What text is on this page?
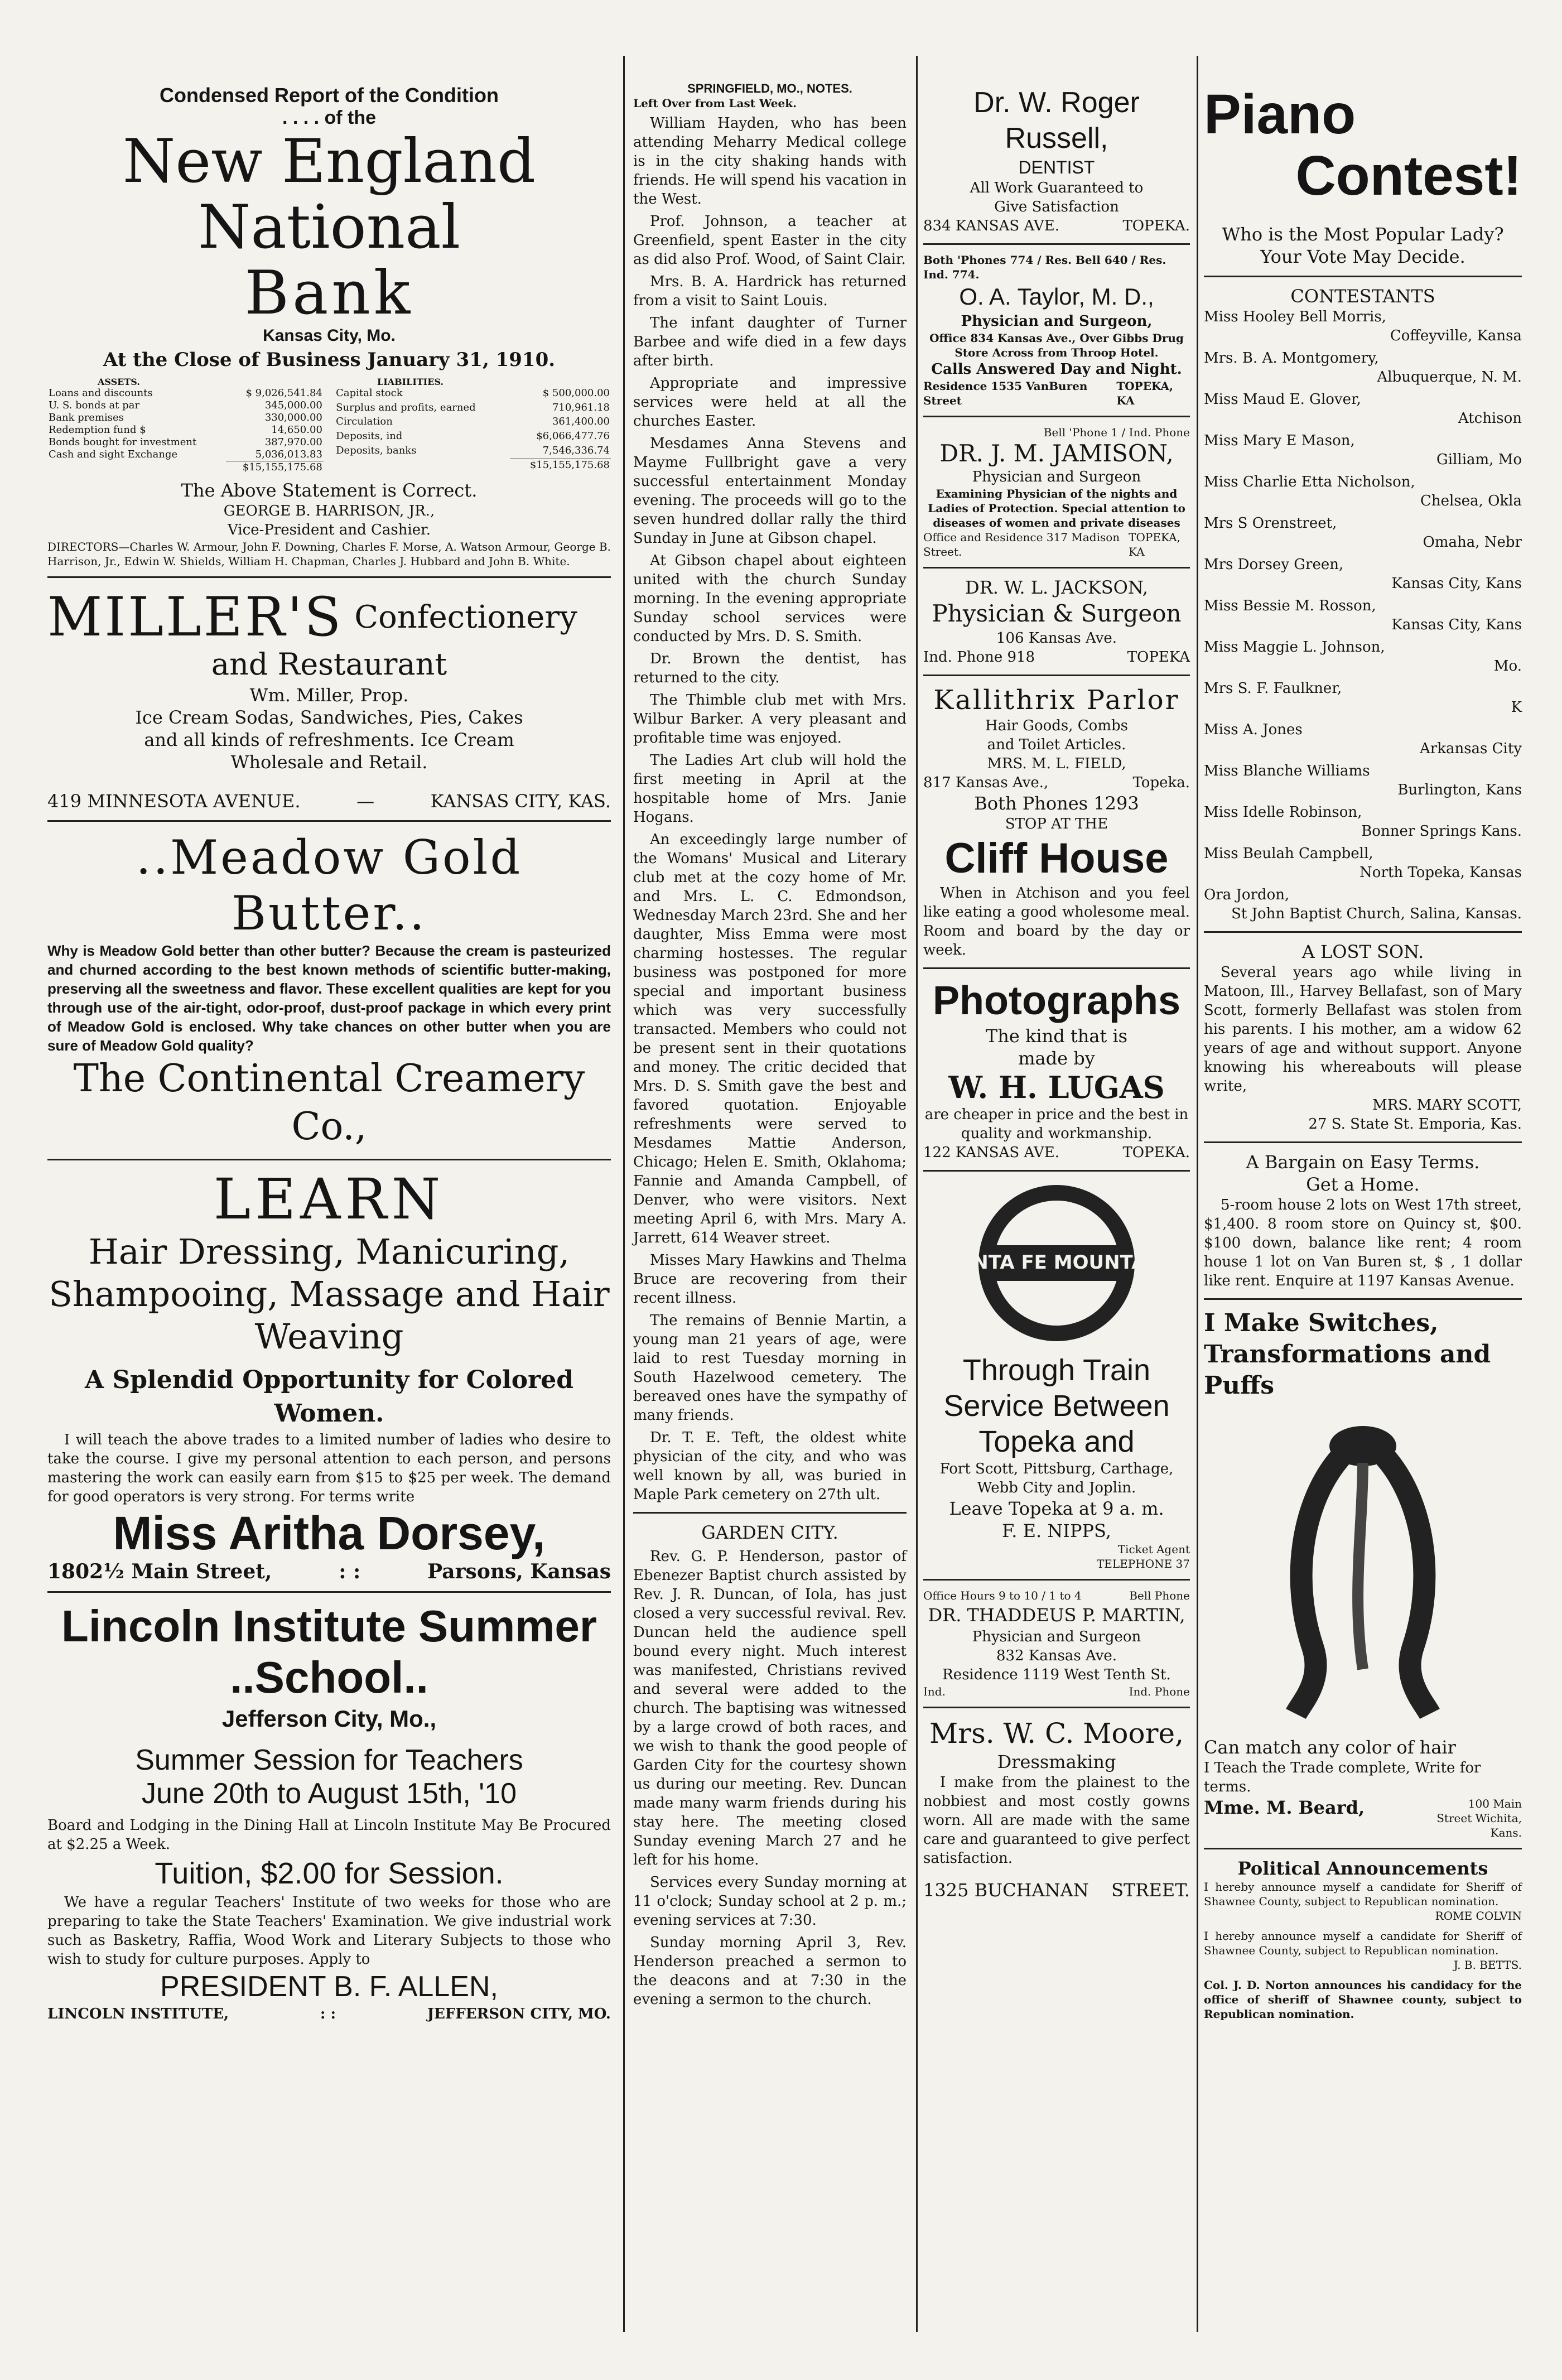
Condensed Report of the Condition
. . . . of the
New England National
Bank
Kansas City, Mo.
At the Close of Business January 31, 1910.
ASSETS.	LIABILITIES.
Loans and discounts	$ 9,026,541.84
U. S. bonds at par	345,000.00
Bank premises	330,000.00
Redemption fund $	14,650.00
Bonds bought for investment	387,970.00
Cash and sight Exchange	5,036,013.83
	$15,155,175.68
Capital stock	$ 500,000.00
Surplus and profits, earned	710,961.18
Circulation	361,400.00
Deposits, ind	$6,066,477.76
Deposits, banks	7,546,336.74

	$15,155,175.68
The Above Statement is Correct.
GEORGE B. HARRISON, JR.,
Vice-President and Cashier.
DIRECTORS—Charles W. Armour, John F. Downing, Charles F. Morse, A. Watson Armour, George B. Harrison, Jr., Edwin W. Shields, William H. Chapman, Charles J. Hubbard and John B. White.
MILLER'S Confectionery
and Restaurant
Wm. Miller, Prop.
Ice Cream Sodas, Sandwiches, Pies, Cakes
and all kinds of refreshments. Ice Cream
Wholesale and Retail.
419 MINNESOTA AVENUE.	—	KANSAS CITY, KAS.
..Meadow Gold Butter..
Why is Meadow Gold better than other butter? Because the cream is pasteurized and churned according to the best known methods of scientific butter-making, preserving all the sweetness and flavor. These excellent qualities are kept for you through use of the air-tight, odor-proof, dust-proof package in which every print of Meadow Gold is enclosed. Why take chances on other butter when you are sure of Meadow Gold quality?
The Continental Creamery Co.,
LEARN
Hair Dressing, Manicuring, Shampooing, Massage and Hair Weaving
A Splendid Opportunity for Colored Women.
I will teach the above trades to a limited number of ladies who desire to take the course. I give my personal attention to each person, and persons mastering the work can easily earn from $15 to $25 per week. The demand for good operators is very strong. For terms write
Miss Aritha Dorsey,
1802½ Main Street,	: :	Parsons, Kansas
Lincoln Institute Summer
..School..
Jefferson City, Mo.,
Summer Session for Teachers
June 20th to August 15th, '10
Board and Lodging in the Dining Hall at Lincoln Institute May Be Procured at $2.25 a Week.
Tuition, $2.00 for Session.
We have a regular Teachers' Institute of two weeks for those who are preparing to take the State Teachers' Examination. We give industrial work such as Basketry, Raffia, Wood Work and Literary Subjects to those who wish to study for culture purposes. Apply to
PRESIDENT B. F. ALLEN,
LINCOLN INSTITUTE,	: :	JEFFERSON CITY, MO.
SPRINGFIELD, MO., NOTES.
Left Over from Last Week.

William Hayden, who has been attending Meharry Medical college is in the city shaking hands with friends. He will spend his vacation in the West.

Prof. Johnson, a teacher at Greenfield, spent Easter in the city as did also Prof. Wood, of Saint Clair.

Mrs. B. A. Hardrick has returned from a visit to Saint Louis.

The infant daughter of Turner Barbee and wife died in a few days after birth.

Appropriate and impressive services were held at all the churches Easter.

Mesdames Anna Stevens and Mayme Fullbright gave a very successful entertainment Monday evening. The proceeds will go to the seven hundred dollar rally the third Sunday in June at Gibson chapel.

At Gibson chapel about eighteen united with the church Sunday morning. In the evening appropriate Sunday school services were conducted by Mrs. D. S. Smith.

Dr. Brown the dentist, has returned to the city.

The Thimble club met with Mrs. Wilbur Barker. A very pleasant and profitable time was enjoyed.

The Ladies Art club will hold the first meeting in April at the hospitable home of Mrs. Janie Hogans.

An exceedingly large number of the Womans' Musical and Literary club met at the cozy home of Mr. and Mrs. L. C. Edmondson, Wednesday March 23rd. She and her daughter, Miss Emma were most charming hostesses. The regular business was postponed for more special and important business which was very successfully transacted. Members who could not be present sent in their quotations and money. The critic decided that Mrs. D. S. Smith gave the best and favored quotation. Enjoyable refreshments were served to Mesdames Mattie Anderson, Chicago; Helen E. Smith, Oklahoma; Fannie and Amanda Campbell, of Denver, who were visitors. Next meeting April 6, with Mrs. Mary A. Jarrett, 614 Weaver street.

Misses Mary Hawkins and Thelma Bruce are recovering from their recent illness.

The remains of Bennie Martin, a young man 21 years of age, were laid to rest Tuesday morning in South Hazelwood cemetery. The bereaved ones have the sympathy of many friends.

Dr. T. E. Teft, the oldest white physician of the city, and who was well known by all, was buried in Maple Park cemetery on 27th ult.

GARDEN CITY.

Rev. G. P. Henderson, pastor of Ebenezer Baptist church assisted by Rev. J. R. Duncan, of Iola, has just closed a very successful revival. Rev. Duncan held the audience spell bound every night. Much interest was manifested, Christians revived and several were added to the church. The baptising was witnessed by a large crowd of both races, and we wish to thank the good people of Garden City for the courtesy shown us during our meeting. Rev. Duncan made many warm friends during his stay here. The meeting closed Sunday evening March 27 and he left for his home.

Services every Sunday morning at 11 o'clock; Sunday school at 2 p. m.; evening services at 7:30.

Sunday morning April 3, Rev. Henderson preached a sermon to the deacons and at 7:30 in the evening a sermon to the church.

Dr. W. Roger Russell,
DENTIST
All Work Guaranteed to
Give Satisfaction
834 KANSAS AVE.	TOPEKA.
Both 'Phones 774 / Res. Bell 640 / Res. Ind. 774.
O. A. Taylor, M. D.,
Physician and Surgeon,
Office 834 Kansas Ave., Over Gibbs Drug Store Across from Throop Hotel.
Calls Answered Day and Night.
Residence 1535 VanBuren Street
TOPEKA, KA
Bell 'Phone 1 / Ind. Phone
DR. J. M. JAMISON,
Physician and Surgeon
Examining Physician of the nights and Ladies of Protection. Special attention to diseases of women and private diseases
Office and Residence 317 Madison Street.
TOPEKA, KA
DR. W. L. JACKSON,
Physician & Surgeon
106 Kansas Ave.
Ind. Phone 918	TOPEKA
Kallithrix Parlor
Hair Goods, Combs
and Toilet Articles.
MRS. M. L. FIELD,
817 Kansas Ave.,	Topeka.
Both Phones 1293
STOP AT THE
Cliff House
When in Atchison and you feel like eating a good wholesome meal. Room and board by the day or week.
Photographs
The kind that is
made by
W. H. LUGAS
are cheaper in price and the best in quality and workmanship.
122 KANSAS AVE.	TOPEKA.
SANTA FE MOUNTAIN
Through Train
Service Between
Topeka and
Fort Scott, Pittsburg, Carthage,
Webb City and Joplin.
Leave Topeka at 9 a. m.
F. E. NIPPS,
Ticket Agent
TELEPHONE 37
Office Hours 9 to 10 / 1 to 4	Bell Phone
DR. THADDEUS P. MARTIN,
Physician and Surgeon
832 Kansas Ave.
Residence 1119 West Tenth St.
Ind.	Ind. Phone
Mrs. W. C. Moore,
Dressmaking
I make from the plainest to the nobbiest and most costly gowns worn. All are made with the same care and guaranteed to give perfect satisfaction.
1325 BUCHANAN STREET.
Piano
Contest!
Who is the Most Popular Lady? Your Vote May Decide.
CONTESTANTS
Miss Hooley Bell Morris,
Coffeyville, Kansa
Mrs. B. A. Montgomery,
Albuquerque, N. M.
Miss Maud E. Glover,
Atchison
Miss Mary E Mason,
Gilliam, Mo
Miss Charlie Etta Nicholson,
Chelsea, Okla
Mrs S Orenstreet,
Omaha, Nebr
Mrs Dorsey Green,
Kansas City, Kans
Miss Bessie M. Rosson,
Kansas City, Kans
Miss Maggie L. Johnson,
Mo.
Mrs S. F. Faulkner,
K
Miss A. Jones
Arkansas City
Miss Blanche Williams
Burlington, Kans
Miss Idelle Robinson,
Bonner Springs Kans.
Miss Beulah Campbell,
North Topeka, Kansas
Ora Jordon,
St John Baptist Church, Salina, Kansas.
A LOST SON.
Several years ago while living in Matoon, Ill., Harvey Bellafast, son of Mary Scott, formerly Bellafast was stolen from his parents. I his mother, am a widow 62 years of age and without support. Anyone knowing his whereabouts will please write,
MRS. MARY SCOTT,
27 S. State St. Emporia, Kas.
A Bargain on Easy Terms.
Get a Home.
5-room house 2 lots on West 17th street, $1,400. 8 room store on Quincy st, $00. $100 down, balance like rent; 4 room house 1 lot on Van Buren st, $ , 1 dollar like rent. Enquire at 1197 Kansas Avenue.
I Make Switches, Transformations and Puffs
Can match any color of hair
I Teach the Trade complete, Write for terms.
Mme. M. Beard,	100 Main Street Wichita, Kans.
Political Announcements
I hereby announce myself a candidate for Sheriff of Shawnee County, subject to Republican nomination.
ROME COLVIN
I hereby announce myself a candidate for Sheriff of Shawnee County, subject to Republican nomination.
J. B. BETTS.
Col. J. D. Norton announces his candidacy for the office of sheriff of Shawnee county, subject to Republican nomination.
